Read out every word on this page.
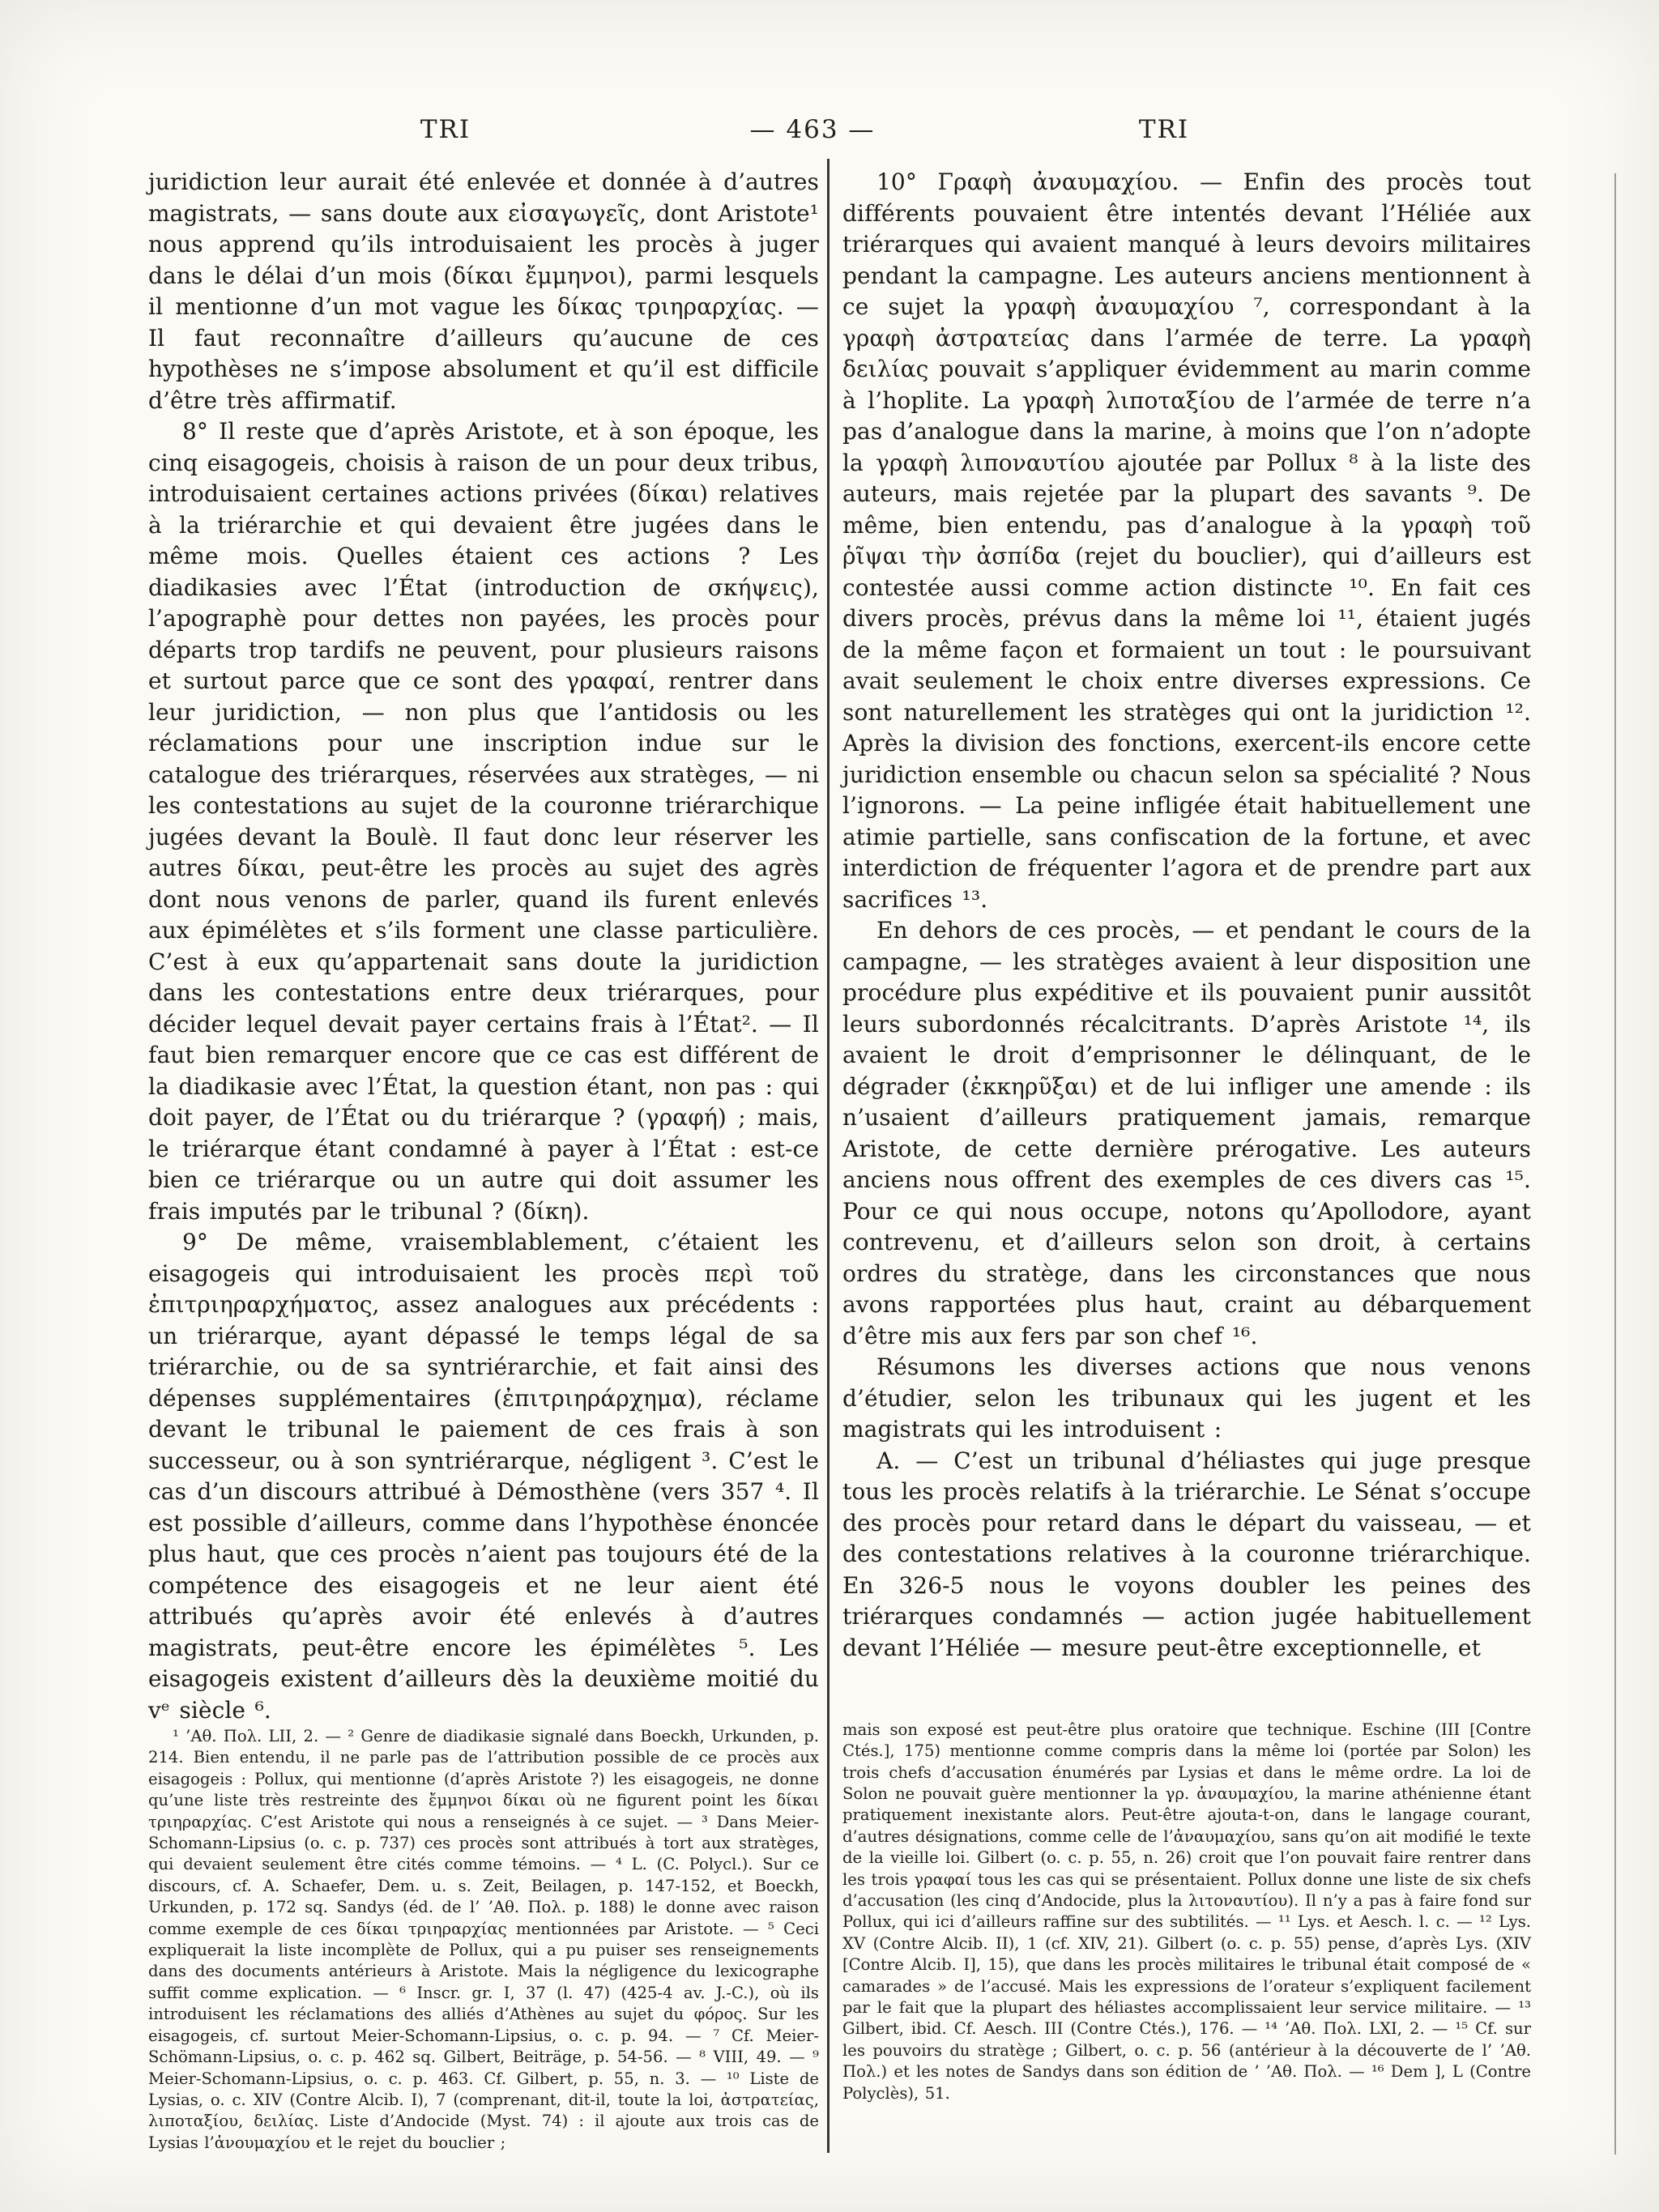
TRI	— 463 —	TRI

juridiction leur aurait été enlevée et donnée à d’autres magistrats, — sans doute aux εἰσαγωγεῖς, dont Aristote¹ nous apprend qu’ils introduisaient les procès à juger dans le délai d’un mois (δίκαι ἔμμηνοι), parmi lesquels il mentionne d’un mot vague les δίκας τριηραρχίας. — Il faut reconnaître d’ailleurs qu’aucune de ces hypothèses ne s’impose absolument et qu’il est difficile d’être très affirmatif.

8° Il reste que d’après Aristote, et à son époque, les cinq eisagogeis, choisis à raison de un pour deux tribus, introduisaient certaines actions privées (δίκαι) relatives à la triérarchie et qui devaient être jugées dans le même mois. Quelles étaient ces actions ? Les diadikasies avec l’État (introduction de σκήψεις), l’apographè pour dettes non payées, les procès pour départs trop tardifs ne peuvent, pour plusieurs raisons et surtout parce que ce sont des γραφαί, rentrer dans leur juridiction, — non plus que l’antidosis ou les réclamations pour une inscription indue sur le catalogue des triérarques, réservées aux stratèges, — ni les contestations au sujet de la couronne triérarchique jugées devant la Boulè. Il faut donc leur réserver les autres δίκαι, peut-être les procès au sujet des agrès dont nous venons de parler, quand ils furent enlevés aux épimélètes et s’ils forment une classe particulière. C’est à eux qu’appartenait sans doute la juridiction dans les contestations entre deux triérarques, pour décider lequel devait payer certains frais à l’État². — Il faut bien remarquer encore que ce cas est différent de la diadikasie avec l’État, la question étant, non pas : qui doit payer, de l’État ou du triérarque ? (γραφή) ; mais, le triérarque étant condamné à payer à l’État : est-ce bien ce triérarque ou un autre qui doit assumer les frais imputés par le tribunal ? (δίκη).

9° De même, vraisemblablement, c’étaient les eisagogeis qui introduisaient les procès περὶ τοῦ ἐπιτριηραρχήματος, assez analogues aux précédents : un triérarque, ayant dépassé le temps légal de sa triérarchie, ou de sa syntriérarchie, et fait ainsi des dépenses supplémentaires (ἐπιτριηράρχημα), réclame devant le tribunal le paiement de ces frais à son successeur, ou à son syntriérarque, négligent ³. C’est le cas d’un discours attribué à Démosthène (vers 357 ⁴. Il est possible d’ailleurs, comme dans l’hypothèse énoncée plus haut, que ces procès n’aient pas toujours été de la compétence des eisagogeis et ne leur aient été attribués qu’après avoir été enlevés à d’autres magistrats, peut-être encore les épimélètes ⁵. Les eisagogeis existent d’ailleurs dès la deuxième moitié du vᵉ siècle ⁶.

¹ ’Αθ. Πολ. LII, 2. — ² Genre de diadikasie signalé dans Boeckh, Urkunden, p. 214. Bien entendu, il ne parle pas de l’attribution possible de ce procès aux eisagogeis : Pollux, qui mentionne (d’après Aristote ?) les eisagogeis, ne donne qu’une liste très restreinte des ἔμμηνοι δίκαι où ne figurent point les δίκαι τριηραρχίας. C’est Aristote qui nous a renseignés à ce sujet. — ³ Dans Meier-Schomann-Lipsius (o. c. p. 737) ces procès sont attribués à tort aux stratèges, qui devaient seulement être cités comme témoins. — ⁴ L. (C. Polycl.). Sur ce discours, cf. A. Schaefer, Dem. u. s. Zeit, Beilagen, p. 147-152, et Boeckh, Urkunden, p. 172 sq. Sandys (éd. de l’ ’Αθ. Πολ. p. 188) le donne avec raison comme exemple de ces δίκαι τριηραρχίας mentionnées par Aristote. — ⁵ Ceci expliquerait la liste incomplète de Pollux, qui a pu puiser ses renseignements dans des documents antérieurs à Aristote. Mais la négligence du lexicographe suffit comme explication. — ⁶ Inscr. gr. I, 37 (l. 47) (425-4 av. J.-C.), où ils introduisent les réclamations des alliés d’Athènes au sujet du φόρος. Sur les eisagogeis, cf. surtout Meier-Schomann-Lipsius, o. c. p. 94. — ⁷ Cf. Meier-Schömann-Lipsius, o. c. p. 462 sq. Gilbert, Beiträge, p. 54-56. — ⁸ VIII, 49. — ⁹ Meier-Schomann-Lipsius, o. c. p. 463. Cf. Gilbert, p. 55, n. 3. — ¹⁰ Liste de Lysias, o. c. XIV (Contre Alcib. I), 7 (comprenant, dit-il, toute la loi, ἀστρατείας, λιποταξίου, δειλίας. Liste d’Andocide (Myst. 74) : il ajoute aux trois cas de Lysias l’ἀνουμαχίου et le rejet du bouclier ;

10° Γραφὴ ἀναυμαχίου. — Enfin des procès tout différents pouvaient être intentés devant l’Héliée aux triérarques qui avaient manqué à leurs devoirs militaires pendant la campagne. Les auteurs anciens mentionnent à ce sujet la γραφὴ ἀναυμαχίου ⁷, correspondant à la γραφὴ ἀστρατείας dans l’armée de terre. La γραφὴ δειλίας pouvait s’appliquer évidemment au marin comme à l’hoplite. La γραφὴ λιποταξίου de l’armée de terre n’a pas d’analogue dans la marine, à moins que l’on n’adopte la γραφὴ λιποναυτίου ajoutée par Pollux ⁸ à la liste des auteurs, mais rejetée par la plupart des savants ⁹. De même, bien entendu, pas d’analogue à la γραφὴ τοῦ ῥῖψαι τὴν ἀσπίδα (rejet du bouclier), qui d’ailleurs est contestée aussi comme action distincte ¹⁰. En fait ces divers procès, prévus dans la même loi ¹¹, étaient jugés de la même façon et formaient un tout : le poursuivant avait seulement le choix entre diverses expressions. Ce sont naturellement les stratèges qui ont la juridiction ¹². Après la division des fonctions, exercent-ils encore cette juridiction ensemble ou chacun selon sa spécialité ? Nous l’ignorons. — La peine infligée était habituellement une atimie partielle, sans confiscation de la fortune, et avec interdiction de fréquenter l’agora et de prendre part aux sacrifices ¹³.

En dehors de ces procès, — et pendant le cours de la campagne, — les stratèges avaient à leur disposition une procédure plus expéditive et ils pouvaient punir aussitôt leurs subordonnés récalcitrants. D’après Aristote ¹⁴, ils avaient le droit d’emprisonner le délinquant, de le dégrader (ἐκκηρῦξαι) et de lui infliger une amende : ils n’usaient d’ailleurs pratiquement jamais, remarque Aristote, de cette dernière prérogative. Les auteurs anciens nous offrent des exemples de ces divers cas ¹⁵. Pour ce qui nous occupe, notons qu’Apollodore, ayant contrevenu, et d’ailleurs selon son droit, à certains ordres du stratège, dans les circonstances que nous avons rapportées plus haut, craint au débarquement d’être mis aux fers par son chef ¹⁶.

Résumons les diverses actions que nous venons d’étudier, selon les tribunaux qui les jugent et les magistrats qui les introduisent :

A. — C’est un tribunal d’héliastes qui juge presque tous les procès relatifs à la triérarchie. Le Sénat s’occupe des procès pour retard dans le départ du vaisseau, — et des contestations relatives à la couronne triérarchique. En 326-5 nous le voyons doubler les peines des triérarques condamnés — action jugée habituellement devant l’Héliée — mesure peut-être exceptionnelle, et

mais son exposé est peut-être plus oratoire que technique. Eschine (III [Contre Ctés.], 175) mentionne comme compris dans la même loi (portée par Solon) les trois chefs d’accusation énumérés par Lysias et dans le même ordre. La loi de Solon ne pouvait guère mentionner la γρ. ἀναυμαχίου, la marine athénienne étant pratiquement inexistante alors. Peut-être ajouta-t-on, dans le langage courant, d’autres désignations, comme celle de l’ἀναυμαχίου, sans qu’on ait modifié le texte de la vieille loi. Gilbert (o. c. p. 55, n. 26) croit que l’on pouvait faire rentrer dans les trois γραφαί tous les cas qui se présentaient. Pollux donne une liste de six chefs d’accusation (les cinq d’Andocide, plus la λιτοναυτίου). Il n’y a pas à faire fond sur Pollux, qui ici d’ailleurs raffine sur des subtilités. — ¹¹ Lys. et Aesch. l. c. — ¹² Lys. XV (Contre Alcib. II), 1 (cf. XIV, 21). Gilbert (o. c. p. 55) pense, d’après Lys. (XIV [Contre Alcib. I], 15), que dans les procès militaires le tribunal était composé de « camarades » de l’accusé. Mais les expressions de l’orateur s’expliquent facilement par le fait que la plupart des héliastes accomplissaient leur service militaire. — ¹³ Gilbert, ibid. Cf. Aesch. III (Contre Ctés.), 176. — ¹⁴ ’Αθ. Πολ. LXI, 2. — ¹⁵ Cf. sur les pouvoirs du stratège ; Gilbert, o. c. p. 56 (antérieur à la découverte de l’ ’Αθ. Πολ.) et les notes de Sandys dans son édition de ’ ’Αθ. Πολ. — ¹⁶ Dem ], L (Contre Polyclès), 51.
